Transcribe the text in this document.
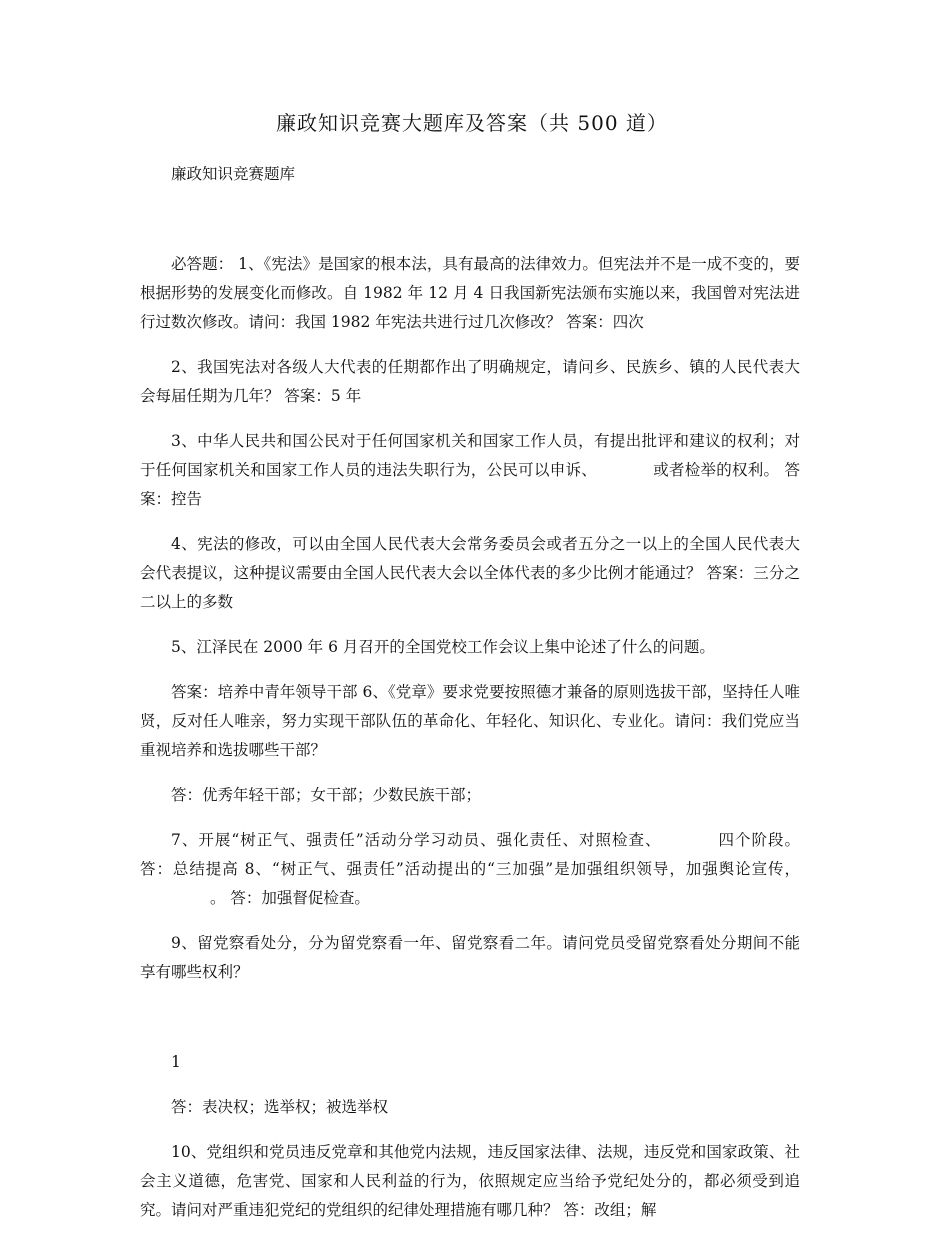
廉政知识竞赛大题库及答案（共 500 道）

廉政知识竞赛题库

必答题： 1、《宪法》是国家的根本法，具有最高的法律效力。但宪法并不是一成不变的，要根据形势的发展变化而修改。自 1982 年 12 月 4 日我国新宪法颁布实施以来，我国曾对宪法进行过数次修改。请问：我国 1982 年宪法共进行过几次修改？ 答案：四次

2、我国宪法对各级人大代表的任期都作出了明确规定，请问乡、民族乡、镇的人民代表大会每届任期为几年？ 答案：5 年

3、中华人民共和国公民对于任何国家机关和国家工作人员，有提出批评和建议的权利；对于任何国家机关和国家工作人员的违法失职行为，公民可以申诉、	或者检举的权利。 答案：控告

4、宪法的修改，可以由全国人民代表大会常务委员会或者五分之一以上的全国人民代表大会代表提议，这种提议需要由全国人民代表大会以全体代表的多少比例才能通过？ 答案：三分之二以上的多数

5、江泽民在 2000 年 6 月召开的全国党校工作会议上集中论述了什么的问题。

答案：培养中青年领导干部 6、《党章》要求党要按照德才兼备的原则选拔干部，坚持任人唯贤，反对任人唯亲，努力实现干部队伍的革命化、年轻化、知识化、专业化。请问：我们党应当重视培养和选拔哪些干部？

答：优秀年轻干部；女干部；少数民族干部；

7、开展“树正气、强责任”活动分学习动员、强化责任、对照检查、	四个阶段。 答：总结提高 8、“树正气、强责任”活动提出的“三加强”是加强组织领导，加强舆论宣传，。 答：加强督促检查。

9、留党察看处分，分为留党察看一年、留党察看二年。请问党员受留党察看处分期间不能享有哪些权利？

1

答：表决权；选举权；被选举权

10、党组织和党员违反党章和其他党内法规，违反国家法律、法规，违反党和国家政策、社会主义道德，危害党、国家和人民利益的行为，依照规定应当给予党纪处分的，都必须受到追究。请问对严重违犯党纪的党组织的纪律处理措施有哪几种？ 答：改组；解
